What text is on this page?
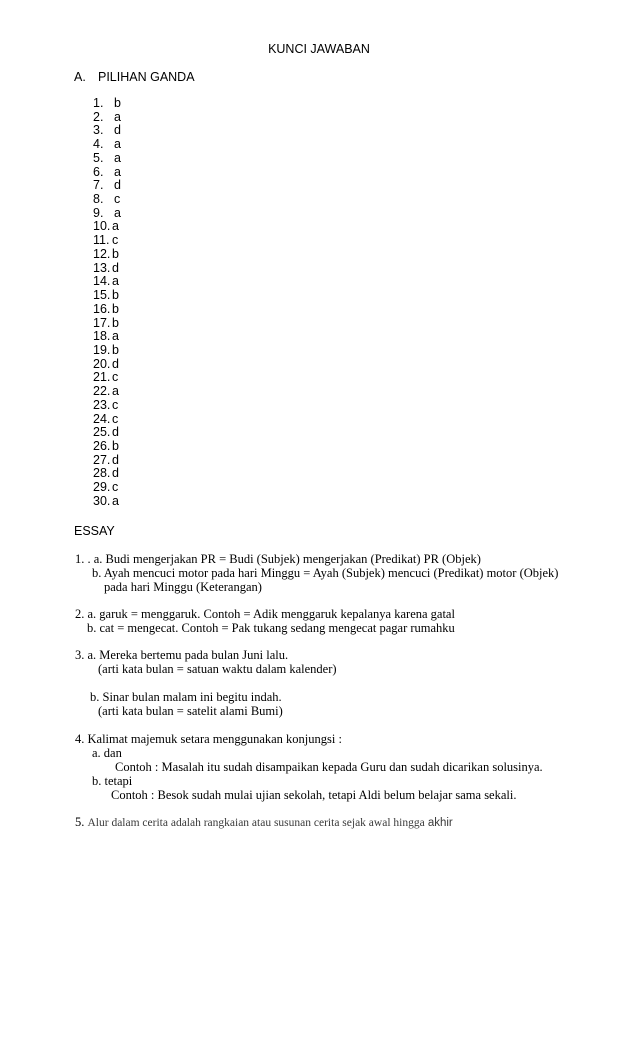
KUNCI JAWABAN
A. PILIHAN GANDA
1. b
2. a
3. d
4. a
5. a
6. a
7. d
8. c
9. a
10. a
11. c
12. b
13. d
14. a
15. b
16. b
17. b
18. a
19. b
20. d
21. c
22. a
23. c
24. c
25. d
26. b
27. d
28. d
29. c
30. a
ESSAY
1. . a. Budi mengerjakan PR = Budi (Subjek) mengerjakan (Predikat) PR (Objek)
b. Ayah mencuci motor pada hari Minggu = Ayah (Subjek) mencuci (Predikat) motor (Objek)
pada hari Minggu (Keterangan)
2. a. garuk = menggaruk. Contoh = Adik menggaruk kepalanya karena gatal
b. cat = mengecat. Contoh = Pak tukang sedang mengecat pagar rumahku
3. a. Mereka bertemu pada bulan Juni lalu.
(arti kata bulan = satuan waktu dalam kalender)
b. Sinar bulan malam ini begitu indah.
(arti kata bulan = satelit alami Bumi)
4. Kalimat majemuk setara menggunakan konjungsi :
a. dan
Contoh : Masalah itu sudah disampaikan kepada Guru dan sudah dicarikan solusinya.
b. tetapi
Contoh : Besok sudah mulai ujian sekolah, tetapi Aldi belum belajar sama sekali.
5. Alur dalam cerita adalah rangkaian atau susunan cerita sejak awal hingga akhir
